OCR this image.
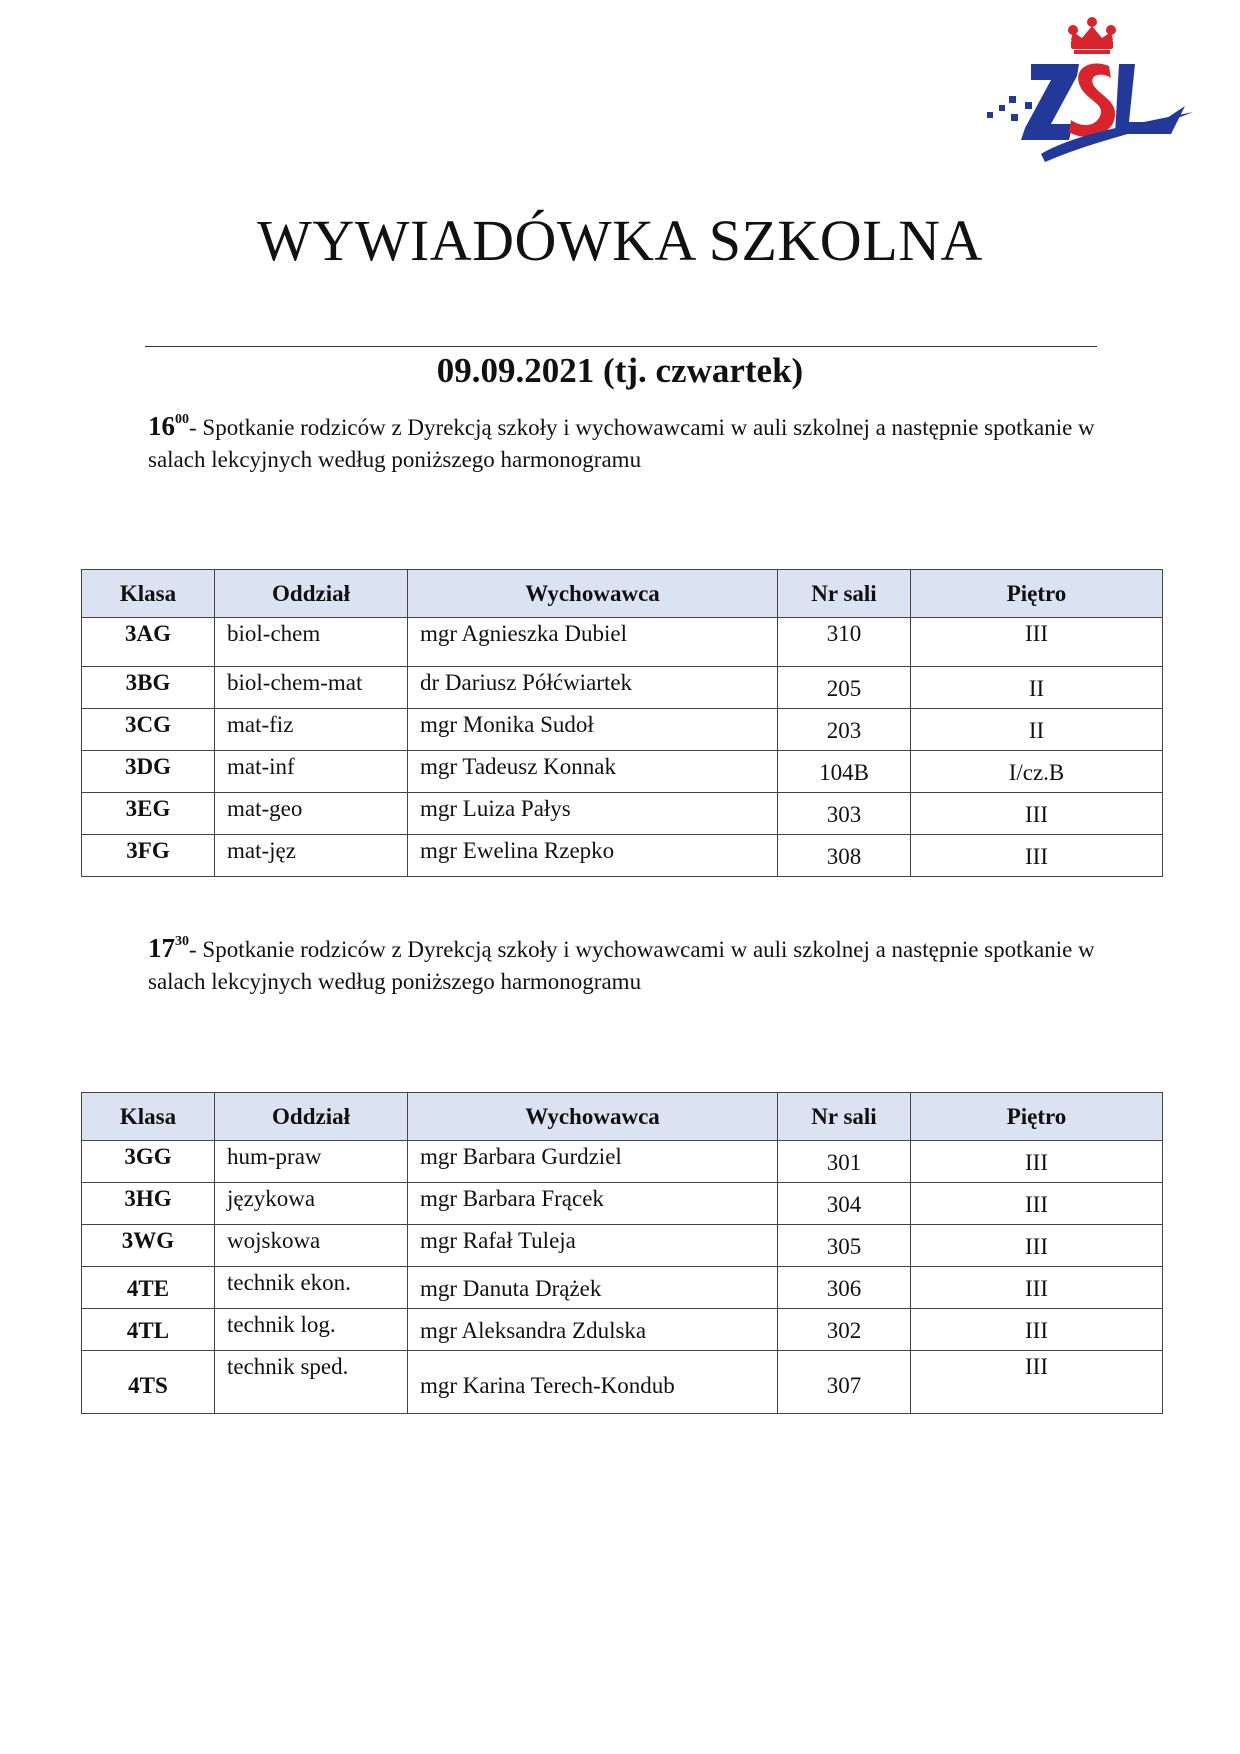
WYWIADÓWKA SZKOLNA
09.09.2021 (tj. czwartek)
$16^{00}-$ Spotkanie rodziców z Dyrekcją szkoły i wychowawcami w auli szkolnej a następnie spotkanie w salach lekcyjnych według poniższego harmonogramu
Klasa	Oddział	Wychowawca	Nr sali	Piętro
3AG	biol-chem	mgr Agnieszka Dubiel	310	III
3BG	biol-chem-mat	dr Dariusz Półćwiartek	205	II
3CG	mat-fiz	mgr Monika Sudoł	203	II
3DG	mat-inf	mgr Tadeusz Konnak	104B	I/cz.B
3EG	mat-geo	mgr Luiza Pałys	303	III
3FG	mat-jęz	mgr Ewelina Rzepko	308	III
$17^{30}-$ Spotkanie rodziców z Dyrekcją szkoły i wychowawcami w auli szkolnej a następnie spotkanie w salach lekcyjnych według poniższego harmonogramu
Klasa	Oddział	Wychowawca	Nr sali	Piętro
3GG	hum-praw	mgr Barbara Gurdziel	301	III
3HG	językowa	mgr Barbara Frącek	304	III
3WG	wojskowa	mgr Rafał Tuleja	305	III
4TE	technik ekon.	mgr Danuta Drążek	306	III
4TL	technik log.	mgr Aleksandra Zdulska	302	III
4TS	technik sped.	mgr Karina Terech-Kondub	307	III
